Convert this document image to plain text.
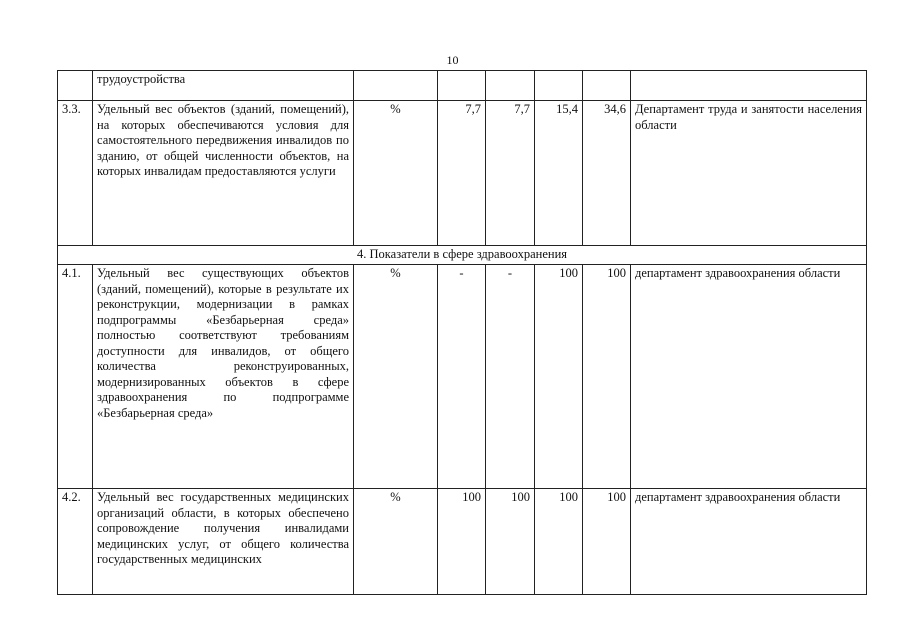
10
	трудоустройства						
3.3.	Удельный вес объектов (зданий, помещений), на которых обеспечиваются условия для самостоятельного передвижения инвалидов по зданию, от общей численности объектов, на которых инвалидам предоставляются услуги	%	7,7	7,7	15,4	34,6	Департамент труда и занятости населения области
4. Показатели в сфере здравоохранения							
4.1.	Удельный вес существующих объектов (зданий, помещений), которые в результате их реконструкции, модернизации в рамках подпрограммы «Безбарьерная среда» полностью соответствуют требованиям доступности для инвалидов, от общего количества реконструированных, модернизированных объектов в сфере здравоохранения по подпрограмме «Безбарьерная среда»	%	-	-	100	100	департамент здравоохранения области
4.2.	Удельный вес государственных медицинских организаций области, в которых обеспечено сопровождение получения инвалидами медицинских услуг, от общего количества государственных медицинских	%	100	100	100	100	департамент здравоохранения области
